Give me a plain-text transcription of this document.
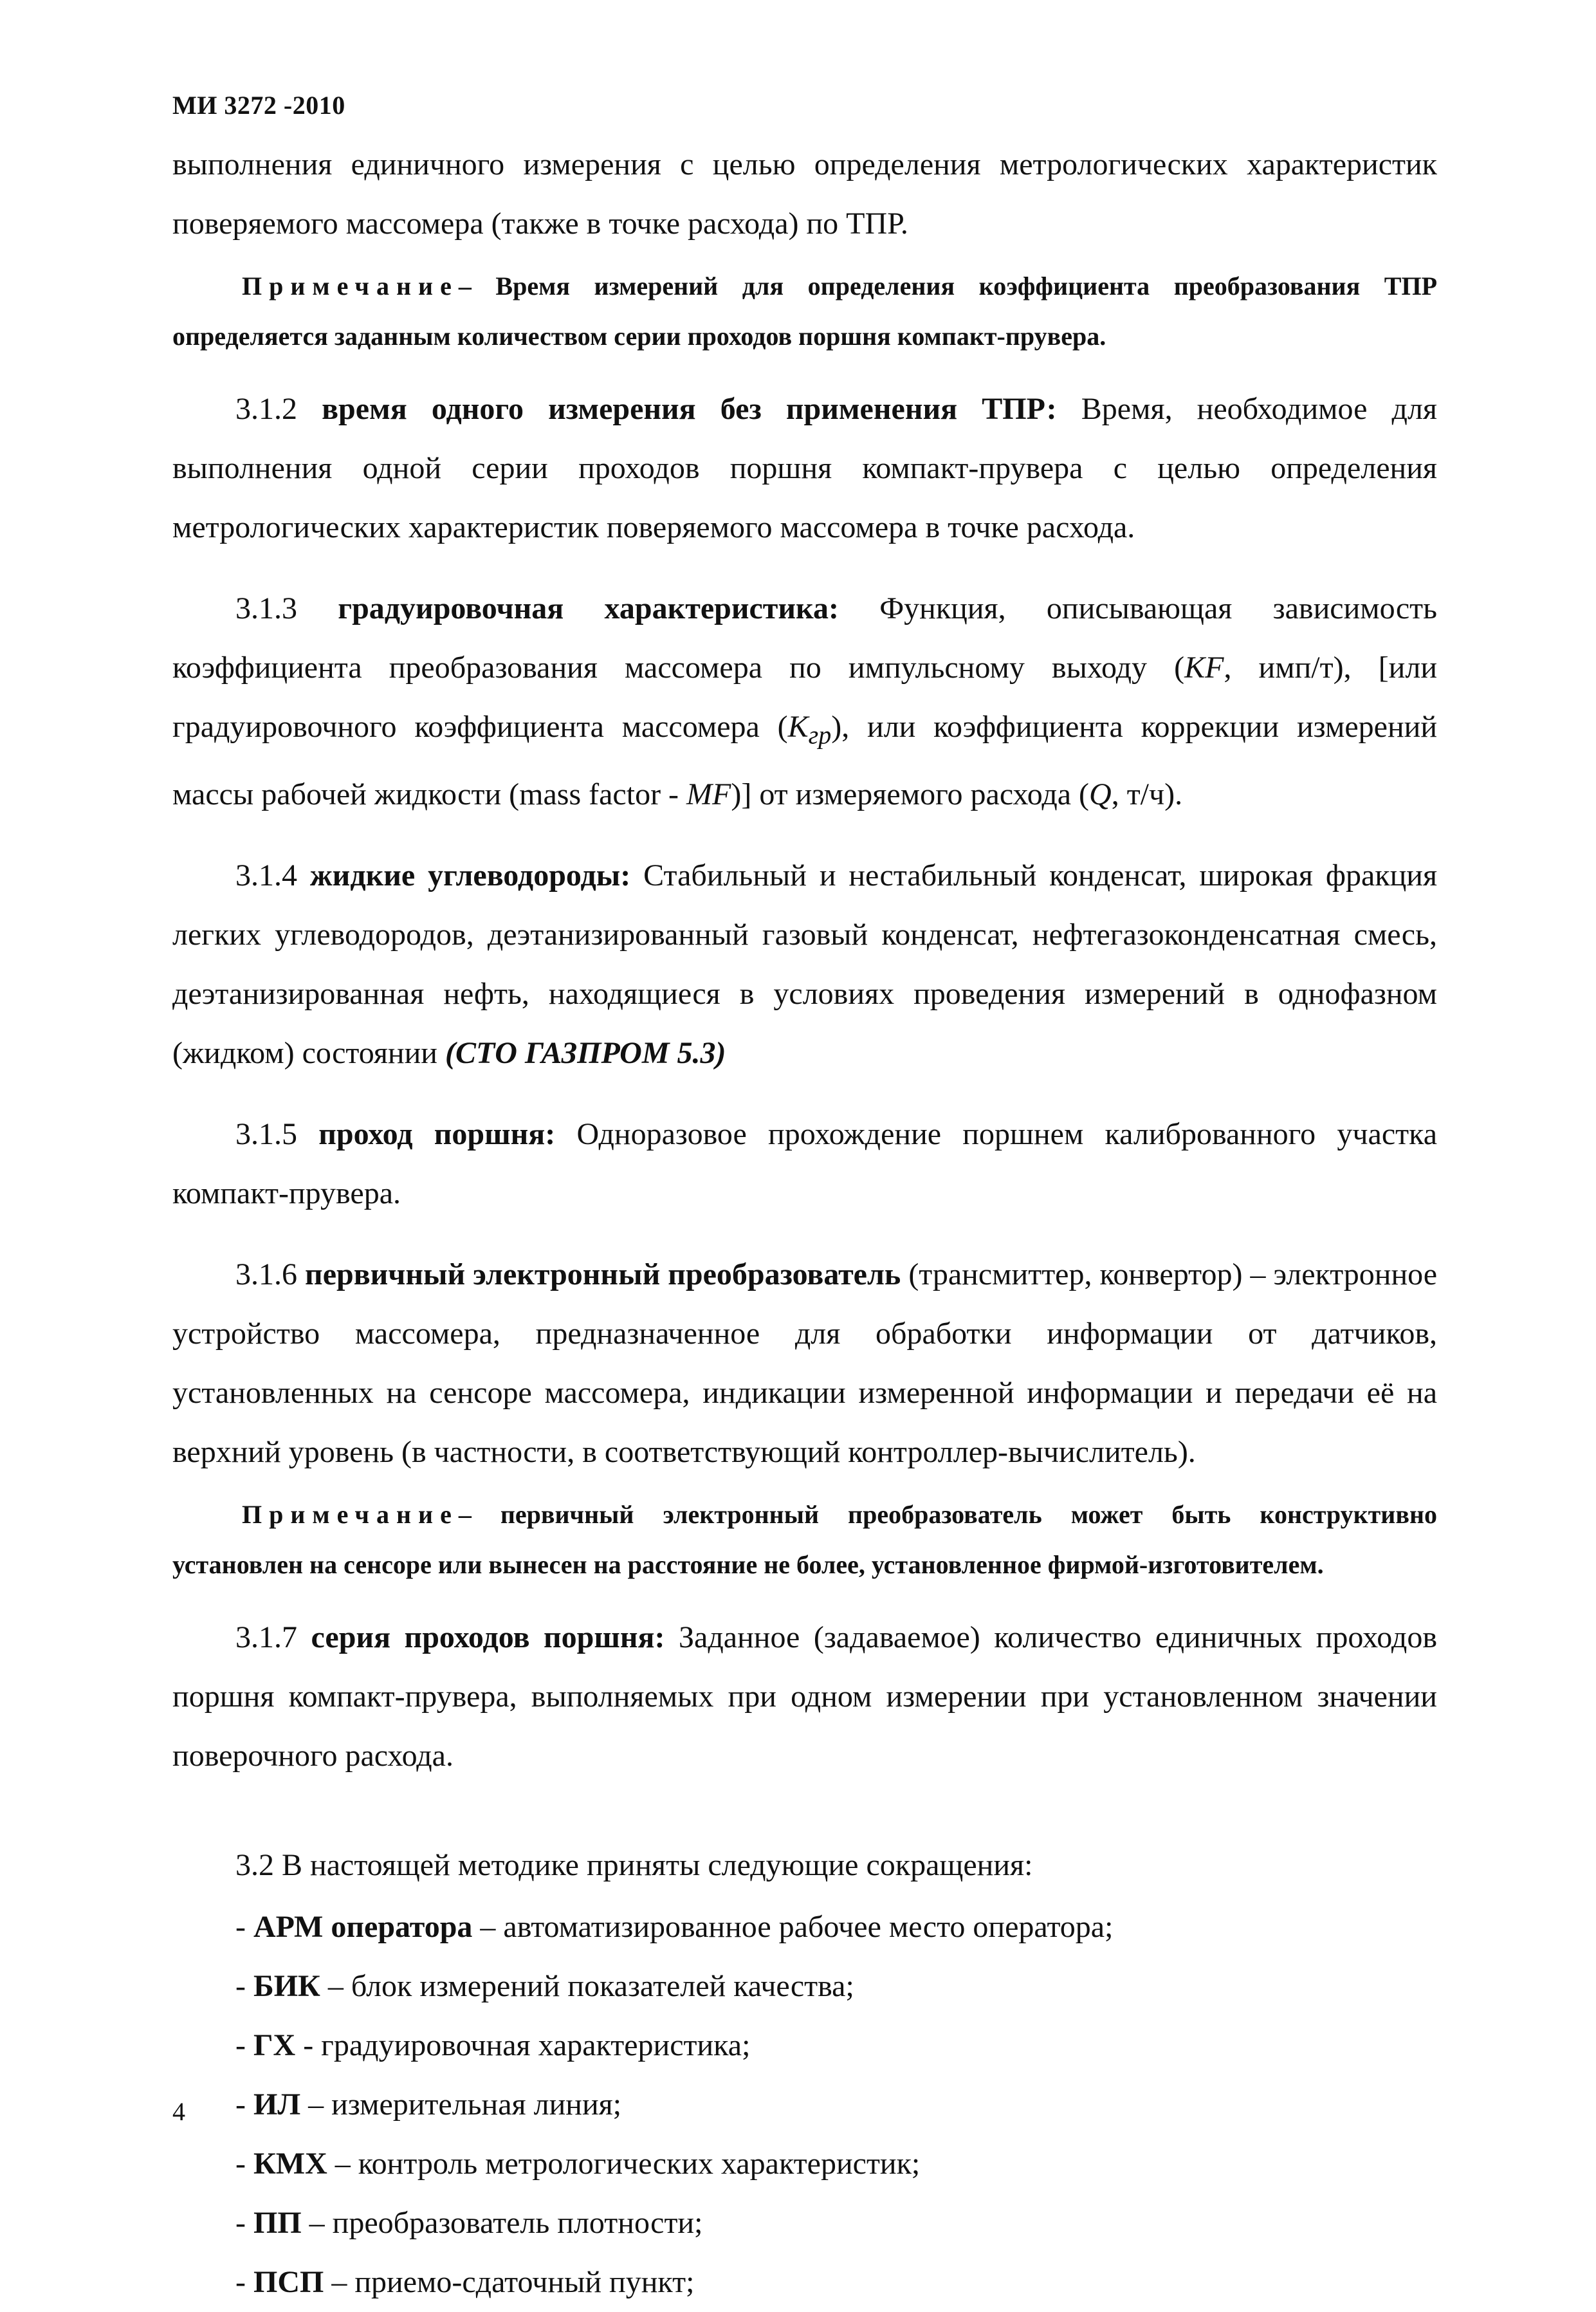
МИ 3272 -2010

выполнения единичного измерения с целью определения метрологических характеристик поверяемого массомера (также в точке расхода) по ТПР.

Примечание– Время измерений для определения коэффициента преобразования ТПР определяется заданным количеством серии проходов поршня компакт-прувера.

3.1.2 время одного измерения без применения ТПР: Время, необходимое для выполнения одной серии проходов поршня компакт-прувера с целью определения метрологических характеристик поверяемого массомера в точке расхода.

3.1.3 градуировочная характеристика: Функция, описывающая зависимость коэффициента преобразования массомера по импульсному выходу (KF, имп/т), [или градуировочного коэффициента массомера $(K_{гр})$, или коэффициента коррекции измерений массы рабочей жидкости (mass factor - MF)] от измеряемого расхода (Q, т/ч).

3.1.4 жидкие углеводороды: Стабильный и нестабильный конденсат, широкая фракция легких углеводородов, деэтанизированный газовый конденсат, нефтегазоконденсатная смесь, деэтанизированная нефть, находящиеся в условиях проведения измерений в однофазном (жидком) состоянии (СТО ГАЗПРОМ 5.3)

3.1.5 проход поршня: Одноразовое прохождение поршнем калиброванного участка компакт-прувера.

3.1.6 первичный электронный преобразователь (трансмиттер, конвертор) – электронное устройство массомера, предназначенное для обработки информации от датчиков, установленных на сенсоре массомера, индикации измеренной информации и передачи её на верхний уровень (в частности, в соответствующий контроллер-вычислитель).

Примечание– первичный электронный преобразователь может быть конструктивно установлен на сенсоре или вынесен на расстояние не более, установленное фирмой-изготовителем.

3.1.7 серия проходов поршня: Заданное (задаваемое) количество единичных проходов поршня компакт-прувера, выполняемых при одном измерении при установленном значении поверочного расхода.

3.2 В настоящей методике приняты следующие сокращения:

- АРМ оператора – автоматизированное рабочее место оператора;
- БИК – блок измерений показателей качества;
- ГХ - градуировочная характеристика;
- ИЛ – измерительная линия;
- КМХ – контроль метрологических характеристик;
- ПП – преобразователь плотности;
- ПСП – приемо-сдаточный пункт;
4
